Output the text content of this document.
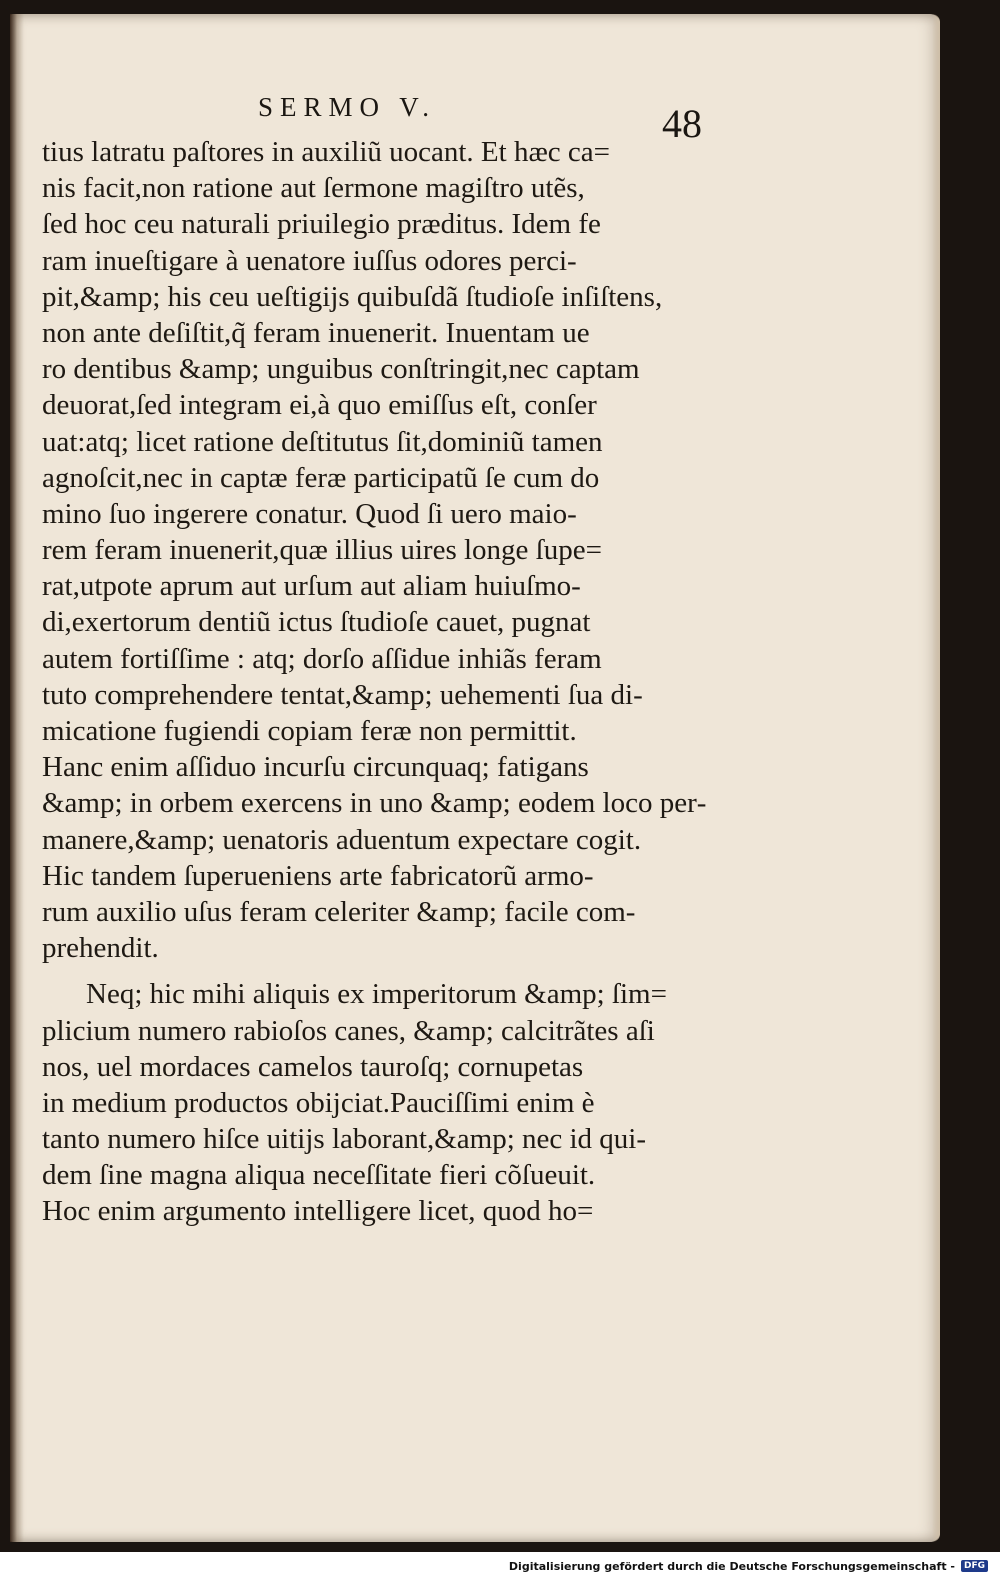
SERMO V.	48
tius latratu paſtores in auxiliũ uocant. Et hæc ca=
nis facit,non ratione aut ſermone magiſtro utẽs,
ſed hoc ceu naturali priuilegio præditus. Idem fe
ram inueſtigare à uenatore iuſſus odores perci‑
pit,&amp; his ceu ueſtigijs quibuſdã ſtudioſe inſiſtens,
non ante deſiſtit,q̃ feram inuenerit. Inuentam ue
ro dentibus &amp; unguibus conſtringit,nec captam
deuorat,ſed integram ei,à quo emiſſus eſt, conſer
uat:atq; licet ratione deſtitutus ſit,dominiũ tamen
agnoſcit,nec in captæ feræ participatũ ſe cum do
mino ſuo ingerere conatur. Quod ſi uero maio‑
rem feram inuenerit,quæ illius uires longe ſupe=
rat,utpote aprum aut urſum aut aliam huiuſmo‑
di,exertorum dentiũ ictus ſtudioſe cauet, pugnat
autem fortiſſime : atq; dorſo aſſidue inhiãs feram
tuto comprehendere tentat,&amp; uehementi ſua di‑
micatione fugiendi copiam feræ non permittit.
Hanc enim aſſiduo incurſu circunquaq; fatigans
&amp; in orbem exercens in uno &amp; eodem loco per‑
manere,&amp; uenatoris aduentum expectare cogit.
Hic tandem ſuperueniens arte fabricatorũ armo‑
rum auxilio uſus feram celeriter &amp; facile com‑
prehendit.
Neq; hic mihi aliquis ex imperitorum &amp; ſim=
plicium numero rabioſos canes, &amp; calcitrãtes aſi
nos, uel mordaces camelos tauroſq; cornupetas
in medium productos obijciat.Pauciſſimi enim è
tanto numero hiſce uitijs laborant,&amp; nec id qui‑
dem ſine magna aliqua neceſſitate fieri cõſueuit.
Hoc enim argumento intelligere licet, quod ho=
Digitalisierung gefördert durch die Deutsche Forschungsgemeinschaft -	DFG
